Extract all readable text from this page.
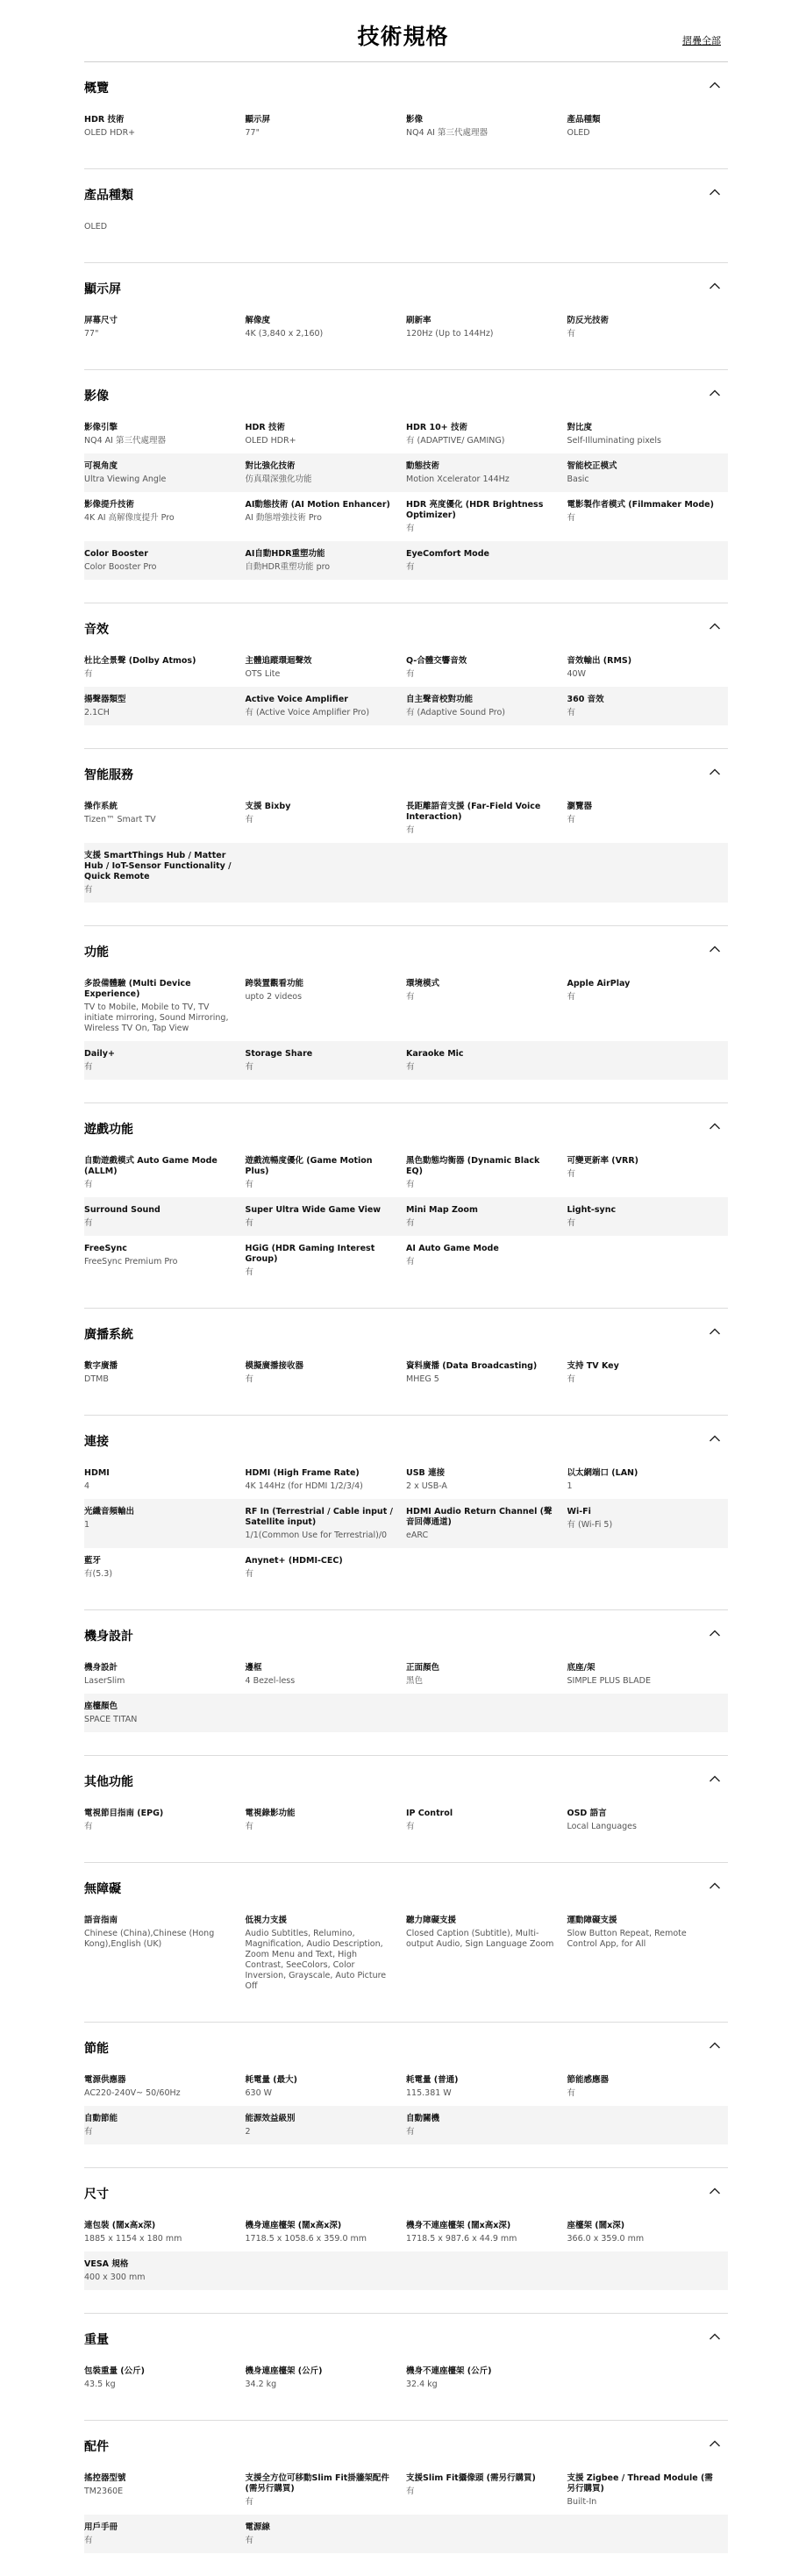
技術規格	摺疊全部
概覽
HDR 技術
OLED HDR+
顯示屏
77"
影像
NQ4 AI 第三代處理器
產品種類
OLED
產品種類
OLED
顯示屏
屏幕尺寸
77"
解像度
4K (3,840 x 2,160)
刷新率
120Hz (Up to 144Hz)
防反光技術
有
影像
影像引擎
NQ4 AI 第三代處理器
HDR 技術
OLED HDR+
HDR 10+ 技術
有 (ADAPTIVE/ GAMING)
對比度
Self-Illuminating pixels
可視角度
Ultra Viewing Angle
對比強化技術
仿真環深強化功能
動態技術
Motion Xcelerator 144Hz
智能校正模式
Basic
影像提升技術
4K AI 高解像度提升 Pro
AI動態技術 (AI Motion Enhancer)
AI 動態增強技術 Pro
HDR 亮度優化 (HDR Brightness Optimizer)
有
電影製作者模式 (Filmmaker Mode)
有
Color Booster
Color Booster Pro
AI自動HDR重塑功能
自動HDR重塑功能 pro
EyeComfort Mode
有
音效
杜比全景聲 (Dolby Atmos)
有
主體追蹤環迴聲效
OTS Lite
Q-合體交響音效
有
音效輸出 (RMS)
40W
揚聲器類型
2.1CH
Active Voice Amplifier
有 (Active Voice Amplifier Pro)
自主聲音校對功能
有 (Adaptive Sound Pro)
360 音效
有
智能服務
操作系統
Tizen™ Smart TV
支援 Bixby
有
長距離語音支援 (Far-Field Voice Interaction)
有
瀏覽器
有
支援 SmartThings Hub / Matter Hub / IoT-Sensor Functionality / Quick Remote
有
功能
多設備體驗 (Multi Device Experience)
TV to Mobile, Mobile to TV, TV initiate mirroring, Sound Mirroring, Wireless TV On, Tap View
跨裝置觀看功能
upto 2 videos
環境模式
有
Apple AirPlay
有
Daily+
有
Storage Share
有
Karaoke Mic
有
遊戲功能
自動遊戲模式 Auto Game Mode (ALLM)
有
遊戲流暢度優化 (Game Motion Plus)
有
黑色動態均衡器 (Dynamic Black EQ)
有
可變更新率 (VRR)
有
Surround Sound
有
Super Ultra Wide Game View
有
Mini Map Zoom
有
Light-sync
有
FreeSync
FreeSync Premium Pro
HGiG (HDR Gaming Interest Group)
有
AI Auto Game Mode
有
廣播系統
數字廣播
DTMB
模擬廣播接收器
有
資料廣播 (Data Broadcasting)
MHEG 5
支持 TV Key
有
連接
HDMI
4
HDMI (High Frame Rate)
4K 144Hz (for HDMI 1/2/3/4)
USB 連接
2 x USB-A
以太網端口 (LAN)
1
光纖音頻輸出
1
RF In (Terrestrial / Cable input / Satellite input)
1/1(Common Use for Terrestrial)/0
HDMI Audio Return Channel (聲音回傳通道)
eARC
Wi-Fi
有 (Wi-Fi 5)
藍牙
有(5.3)
Anynet+ (HDMI-CEC)
有
機身設計
機身設計
LaserSlim
邊框
4 Bezel-less
正面顏色
黑色
底座/架
SIMPLE PLUS BLADE
座檯顏色
SPACE TITAN
其他功能
電視節目指南 (EPG)
有
電視錄影功能
有
IP Control
有
OSD 語言
Local Languages
無障礙
語音指南
Chinese (China),Chinese (Hong Kong),English (UK)
低視力支援
Audio Subtitles, Relumino, Magnification, Audio Description, Zoom Menu and Text, High Contrast, SeeColors, Color Inversion, Grayscale, Auto Picture Off
聽力障礙支援
Closed Caption (Subtitle), Multi-output Audio, Sign Language Zoom
運動障礙支援
Slow Button Repeat, Remote Control App, for All
節能
電源供應器
AC220-240V~ 50/60Hz
耗電量 (最大)
630 W
耗電量 (普通)
115.381 W
節能感應器
有
自動節能
有
能源效益級別
2
自動關機
有
尺寸
連包裝 (闊x高x深)
1885 x 1154 x 180 mm
機身連座檯架 (闊x高x深)
1718.5 x 1058.6 x 359.0 mm
機身不連座檯架 (闊x高x深)
1718.5 x 987.6 x 44.9 mm
座檯架 (闊x深)
366.0 x 359.0 mm
VESA 規格
400 x 300 mm
重量
包裝重量 (公斤)
43.5 kg
機身連座檯架 (公斤)
34.2 kg
機身不連座檯架 (公斤)
32.4 kg
配件
搖控器型號
TM2360E
支援全方位可移動Slim Fit掛牆架配件 (需另行購買)
有
支援Slim Fit攝像頭 (需另行購買)
有
支援 Zigbee / Thread Module (需另行購買)
Built-In
用戶手冊
有
電源線
有
